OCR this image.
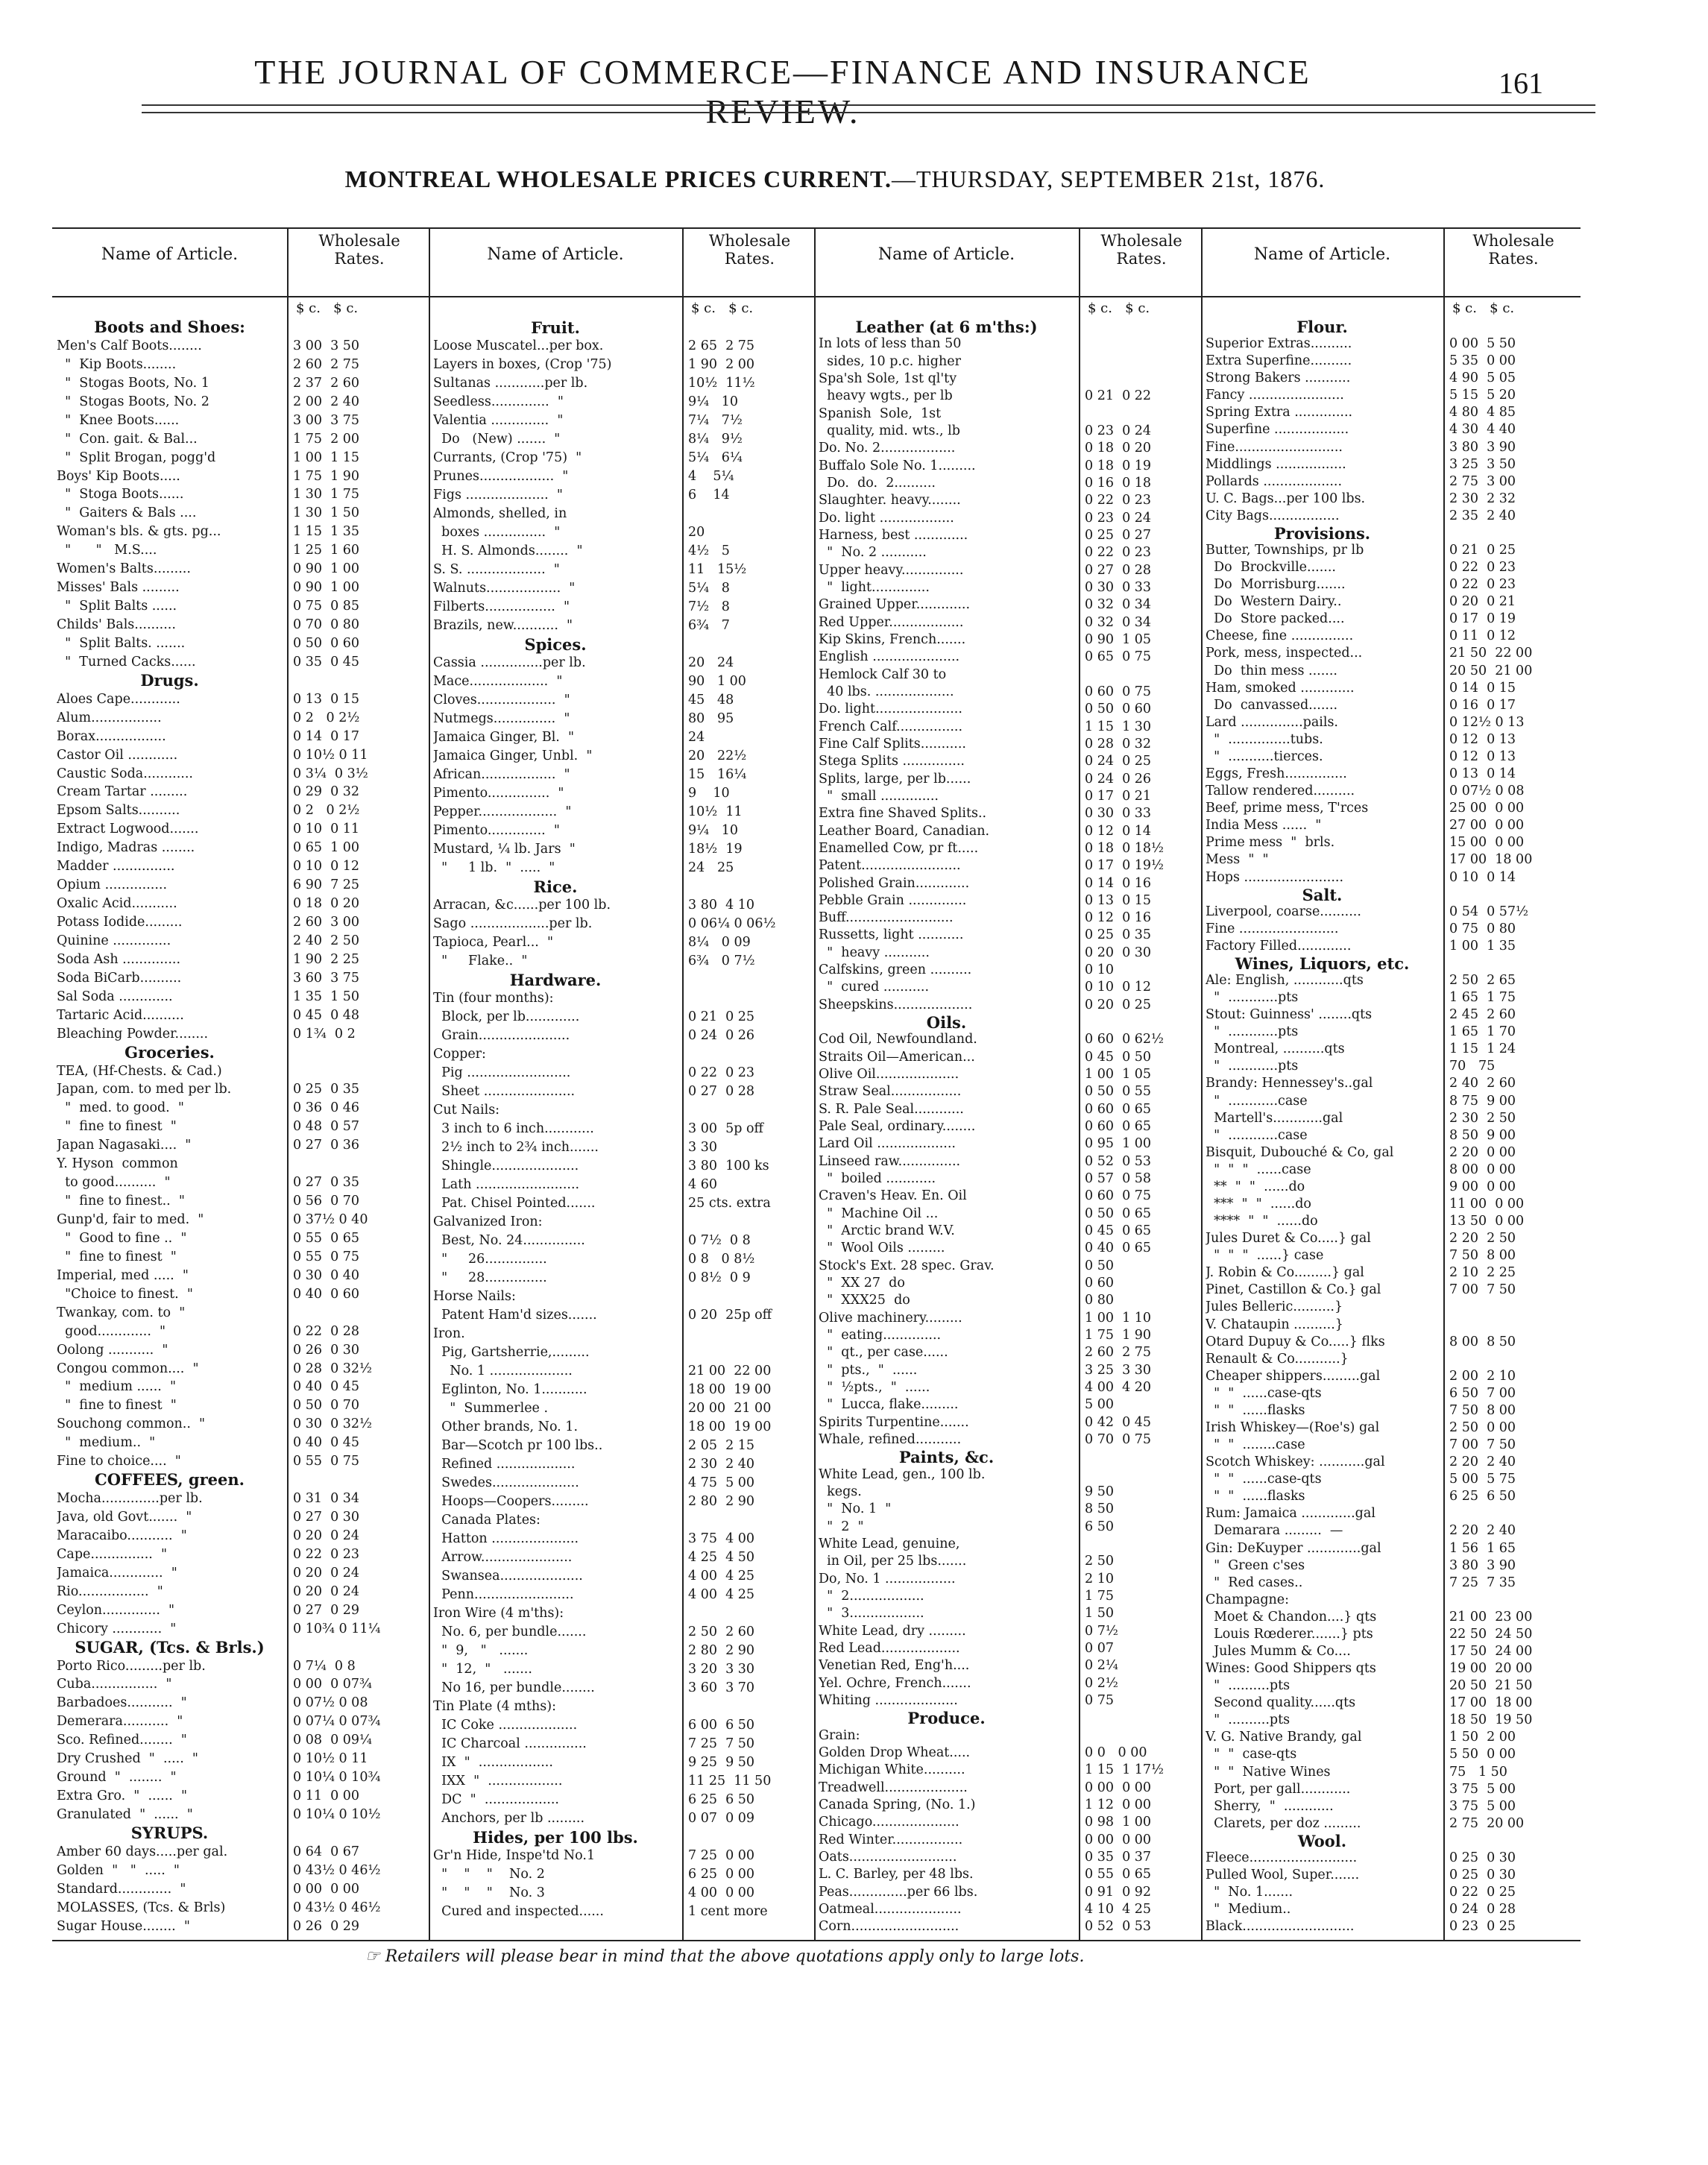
THE JOURNAL OF COMMERCE—FINANCE AND INSURANCE REVIEW.
161
MONTREAL WHOLESALE PRICES CURRENT.—THURSDAY, SEPTEMBER 21st, 1876.
Name of Article.
Wholesale Rates.
$ c.   $ c.
Boots and Shoes:
Men's Calf Boots........	3 00  3 50
"  Kip Boots........	2 60  2 75
"  Stogas Boots, No. 1	2 37  2 60
"  Stogas Boots, No. 2	2 00  2 40
"  Knee Boots......	3 00  3 75
"  Con. gait. & Bal...	1 75  2 00
"  Split Brogan, pogg'd	1 00  1 15
Boys' Kip Boots.....	1 75  1 90
"  Stoga Boots......	1 30  1 75
"  Gaiters & Bals ....	1 30  1 50
Woman's bls. & gts. pg...	1 15  1 35
"      "   M.S....	1 25  1 60
Women's Balts.........	0 90  1 00
Misses' Bals .........	0 90  1 00
"  Split Balts ......	0 75  0 85
Childs' Bals..........	0 70  0 80
"  Split Balts. .......	0 50  0 60
"  Turned Cacks......	0 35  0 45
Drugs.
Aloes Cape............	0 13  0 15
Alum.................	0 2   0 2½
Borax.................	0 14  0 17
Castor Oil ............	0 10½ 0 11
Caustic Soda............	0 3¼  0 3½
Cream Tartar .........	0 29  0 32
Epsom Salts..........	0 2   0 2½
Extract Logwood.......	0 10  0 11
Indigo, Madras ........	0 65  1 00
Madder ...............	0 10  0 12
Opium ...............	6 90  7 25
Oxalic Acid...........	0 18  0 20
Potass Iodide.........	2 60  3 00
Quinine ..............	2 40  2 50
Soda Ash ..............	1 90  2 25
Soda BiCarb..........	3 60  3 75
Sal Soda .............	1 35  1 50
Tartaric Acid..........	0 45  0 48
Bleaching Powder........	0 1¾  0 2
Groceries.
TEA, (Hf-Chests. & Cad.)
Japan, com. to med per lb.	0 25  0 35
"  med. to good.  "	0 36  0 46
"  fine to finest  "	0 48  0 57
Japan Nagasaki....  "	0 27  0 36
Y. Hyson  common
to good..........  "	0 27  0 35
"  fine to finest..  "	0 56  0 70
Gunp'd, fair to med.  "	0 37½ 0 40
"  Good to fine ..  "	0 55  0 65
"  fine to finest  "	0 55  0 75
Imperial, med .....  "	0 30  0 40
"Choice to finest.  "	0 40  0 60
Twankay, com. to  "
good.............  "	0 22  0 28
Oolong ...........  "	0 26  0 30
Congou common....  "	0 28  0 32½
"  medium ......  "	0 40  0 45
"  fine to finest  "	0 50  0 70
Souchong common..  "	0 30  0 32½
"  medium..  "	0 40  0 45
Fine to choice....  "	0 55  0 75
COFFEES, green.
Mocha..............per lb.	0 31  0 34
Java, old Govt.......  "	0 27  0 30
Maracaibo...........  "	0 20  0 24
Cape...............  "	0 22  0 23
Jamaica.............  "	0 20  0 24
Rio.................  "	0 20  0 24
Ceylon..............  "	0 27  0 29
Chicory ............  "	0 10¾ 0 11¼
SUGAR, (Tcs. & Brls.)
Porto Rico.........per lb.	0 7¼  0 8
Cuba................  "	0 00  0 07¾
Barbadoes...........  "	0 07½ 0 08
Demerara...........  "	0 07¼ 0 07¾
Sco. Refined........  "	0 08  0 09¼
Dry Crushed  "  .....  "	0 10½ 0 11
Ground  "  ........  "	0 10¼ 0 10¾
Extra Gro.  "  ......  "	0 11  0 00
Granulated  "  ......  "	0 10¼ 0 10½
SYRUPS.
Amber 60 days.....per gal.	0 64  0 67
Golden  "   "  .....  "	0 43½ 0 46½
Standard.............  "	0 00  0 00
MOLASSES, (Tcs. & Brls)	0 43½ 0 46½
Sugar House........  "	0 26  0 29
Name of Article.
Wholesale Rates.
$ c.   $ c.
Fruit.
Loose Muscatel...per box.	2 65  2 75
Layers in boxes, (Crop '75)	1 90  2 00
Sultanas ............per lb.	10½  11½
Seedless..............  "	9¼   10
Valentia ..............  "	7¼   7½
Do   (New) .......  "	8¼   9½
Currants, (Crop '75)  "	5¼   6¼
Prunes..................  "	4    5¼
Figs ....................  "	6    14
Almonds, shelled, in
boxes ...............  "	20
H. S. Almonds........  "	4½   5
S. S. ...................  "	11   15½
Walnuts..................  "	5¼   8
Filberts.................  "	7½   8
Brazils, new...........  "	6¾   7
Spices.
Cassia ...............per lb.	20   24
Mace...................  "	90   1 00
Cloves...................  "	45   48
Nutmegs...............  "	80   95
Jamaica Ginger, Bl.  "	24
Jamaica Ginger, Unbl.  "	20   22½
African..................  "	15   16¼
Pimento...............  "	9    10
Pepper...................  "	10½  11
Pimento..............  "	9¼   10
Mustard, ¼ lb. Jars  "	18½  19
"     1 lb.  "  .....  "	24   25
Rice.
Arracan, &c......per 100 lb.	3 80  4 10
Sago ...................per lb.	0 06¼ 0 06½
Tapioca, Pearl...  "	8¼   0 09
"     Flake..  "	6¾   0 7½
Hardware.
Tin (four months):
Block, per lb.............	0 21  0 25
Grain......................	0 24  0 26
Copper:
Pig .........................	0 22  0 23
Sheet ......................	0 27  0 28
Cut Nails:
3 inch to 6 inch............	3 00  5p off
2½ inch to 2¾ inch.......	3 30
Shingle.....................	3 80  100 ks
Lath .........................	4 60
Pat. Chisel Pointed.......	25 cts. extra
Galvanized Iron:
Best, No. 24...............	0 7½  0 8
"     26...............	0 8   0 8½
"     28...............	0 8½  0 9
Horse Nails:
Patent Ham'd sizes.......	0 20  25p off
Iron.
Pig, Gartsherrie,.........
No. 1 ....................	21 00  22 00
Eglinton, No. 1...........	18 00  19 00
"  Summerlee .	20 00  21 00
Other brands, No. 1.	18 00  19 00
Bar—Scotch pr 100 lbs..	2 05  2 15
Refined ...................	2 30  2 40
Swedes.....................	4 75  5 00
Hoops—Coopers.........	2 80  2 90
Canada Plates:
Hatton .....................	3 75  4 00
Arrow......................	4 25  4 50
Swansea....................	4 00  4 25
Penn........................	4 00  4 25
Iron Wire (4 m'ths):
No. 6, per bundle.......	2 50  2 60
"  9,   "   .......	2 80  2 90
"  12,  "   .......	3 20  3 30
No 16, per bundle........	3 60  3 70
Tin Plate (4 mths):
IC Coke ...................	6 00  6 50
IC Charcoal ...............	7 25  7 50
IX  "  ..................	9 25  9 50
IXX  "  ..................	11 25  11 50
DC  "  ..................	6 25  6 50
Anchors, per lb .........	0 07  0 09
Hides, per 100 lbs.
Gr'n Hide, Inspe'td No.1	7 25  0 00
"    "    "    No. 2	6 25  0 00
"    "    "    No. 3	4 00  0 00
Cured and inspected......	1 cent more
Name of Article.
Wholesale Rates.
$ c.   $ c.
Leather (at 6 m'ths:)
In lots of less than 50
sides, 10 p.c. higher
Spa'sh Sole, 1st ql'ty
heavy wgts., per lb	0 21  0 22
Spanish  Sole,  1st
quality, mid. wts., lb	0 23  0 24
Do. No. 2..................	0 18  0 20
Buffalo Sole No. 1.........	0 18  0 19
Do.  do.  2..........	0 16  0 18
Slaughter. heavy........	0 22  0 23
Do. light ..................	0 23  0 24
Harness, best .............	0 25  0 27
"  No. 2 ...........	0 22  0 23
Upper heavy...............	0 27  0 28
"  light..............	0 30  0 33
Grained Upper.............	0 32  0 34
Red Upper..................	0 32  0 34
Kip Skins, French.......	0 90  1 05
English .....................	0 65  0 75
Hemlock Calf 30 to
40 lbs. ...................	0 60  0 75
Do. light.....................	0 50  0 60
French Calf................	1 15  1 30
Fine Calf Splits...........	0 28  0 32
Stega Splits ...............	0 24  0 25
Splits, large, per lb......	0 24  0 26
"  small ..............	0 17  0 21
Extra fine Shaved Splits..	0 30  0 33
Leather Board, Canadian.	0 12  0 14
Enamelled Cow, pr ft.....	0 18  0 18½
Patent........................	0 17  0 19½
Polished Grain.............	0 14  0 16
Pebble Grain ..............	0 13  0 15
Buff..........................	0 12  0 16
Russetts, light ...........	0 25  0 35
"  heavy ...........	0 20  0 30
Calfskins, green ..........	0 10
"  cured ...........	0 10  0 12
Sheepskins...................	0 20  0 25
Oils.
Cod Oil, Newfoundland.	0 60  0 62½
Straits Oil—American...	0 45  0 50
Olive Oil....................	1 00  1 05
Straw Seal.................	0 50  0 55
S. R. Pale Seal............	0 60  0 65
Pale Seal, ordinary........	0 60  0 65
Lard Oil ...................	0 95  1 00
Linseed raw...............	0 52  0 53
"  boiled ............	0 57  0 58
Craven's Heav. En. Oil	0 60  0 75
"  Machine Oil ...	0 50  0 65
"  Arctic brand W.V.	0 45  0 65
"  Wool Oils .........	0 40  0 65
Stock's Ext. 28 spec. Grav.	0 50
"  XX 27  do	0 60
"  XXX25  do	0 80
Olive machinery.........	1 00  1 10
"  eating..............	1 75  1 90
"  qt., per case......	2 60  2 75
"  pts.,  "  ......	3 25  3 30
"  ½pts.,  "  ......	4 00  4 20
"  Lucca, flake.........	5 00
Spirits Turpentine.......	0 42  0 45
Whale, refined...........	0 70  0 75
Paints, &c.
White Lead, gen., 100 lb.
kegs.	9 50
"  No. 1  "	8 50
"  2  "	6 50
White Lead, genuine,
in Oil, per 25 lbs.......	2 50
Do, No. 1 .................	2 10
"  2..................	1 75
"  3..................	1 50
White Lead, dry .........	0 7½
Red Lead...................	0 07
Venetian Red, Eng'h....	0 2¼
Yel. Ochre, French.......	0 2½
Whiting ....................	0 75
Produce.
Grain:
Golden Drop Wheat.....	0 0   0 00
Michigan White..........	1 15  1 17½
Treadwell....................	0 00  0 00
Canada Spring, (No. 1.)	1 12  0 00
Chicago.....................	0 98  1 00
Red Winter.................	0 00  0 00
Oats..........................	0 35  0 37
L. C. Barley, per 48 lbs.	0 55  0 65
Peas..............per 66 lbs.	0 91  0 92
Oatmeal.....................	4 10  4 25
Corn..........................	0 52  0 53
Name of Article.
Wholesale Rates.
$ c.   $ c.
Flour.
Superior Extras..........	0 00  5 50
Extra Superfine..........	5 35  0 00
Strong Bakers ...........	4 90  5 05
Fancy .......................	5 15  5 20
Spring Extra ..............	4 80  4 85
Superfine ..................	4 30  4 40
Fine..........................	3 80  3 90
Middlings .................	3 25  3 50
Pollards ...................	2 75  3 00
U. C. Bags...per 100 lbs.	2 30  2 32
City Bags.................	2 35  2 40
Provisions.
Butter, Townships, pr lb	0 21  0 25
Do  Brockville.......	0 22  0 23
Do  Morrisburg.......	0 22  0 23
Do  Western Dairy..	0 20  0 21
Do  Store packed....	0 17  0 19
Cheese, fine ...............	0 11  0 12
Pork, mess, inspected...	21 50  22 00
Do  thin mess .......	20 50  21 00
Ham, smoked .............	0 14  0 15
Do  canvassed.......	0 16  0 17
Lard ...............pails.	0 12½ 0 13
"  ...............tubs.	0 12  0 13
"  ...........tierces.	0 12  0 13
Eggs, Fresh...............	0 13  0 14
Tallow rendered..........	0 07½ 0 08
Beef, prime mess, T'rces	25 00  0 00
India Mess ......  "	27 00  0 00
Prime mess  "  brls.	15 00  0 00
Mess  "  "	17 00  18 00
Hops ........................	0 10  0 14
Salt.
Liverpool, coarse..........	0 54  0 57½
Fine ........................	0 75  0 80
Factory Filled.............	1 00  1 35
Wines, Liquors, etc.
Ale: English, ............qts	2 50  2 65
"  ............pts	1 65  1 75
Stout: Guinness' ........qts	2 45  2 60
"  ............pts	1 65  1 70
Montreal, ..........qts	1 15  1 24
"  ............pts	70   75
Brandy: Hennessey's..gal	2 40  2 60
"  ............case	8 75  9 00
Martell's............gal	2 30  2 50
"  ............case	8 50  9 00
Bisquit, Dubouché & Co, gal	2 20  0 00
"  "  "  ......case	8 00  0 00
**  "  "  ......do	9 00  0 00
***  "  "  ......do	11 00  0 00
****  "  "  ......do	13 50  0 00
Jules Duret & Co.....} gal	2 20  2 50
"  "  "  ......} case	7 50  8 00
J. Robin & Co.........} gal	2 10  2 25
Pinet, Castillon & Co.} gal	7 00  7 50
Jules Belleric..........}
V. Chataupin ..........}
Otard Dupuy & Co.....} flks	8 00  8 50
Renault & Co...........}
Cheaper shippers.........gal	2 00  2 10
"  "  ......case-qts	6 50  7 00
"  "  ......flasks	7 50  8 00
Irish Whiskey—(Roe's) gal	2 50  0 00
"  "  ........case	7 00  7 50
Scotch Whiskey: ...........gal	2 20  2 40
"  "  ......case-qts	5 00  5 75
"  "  ......flasks	6 25  6 50
Rum: Jamaica .............gal
Demarara .........  —	2 20  2 40
Gin: DeKuyper .............gal	1 56  1 65
"  Green c'ses	3 80  3 90
"  Red cases..	7 25  7 35
Champagne:
Moet & Chandon....} qts	21 00  23 00
Louis Rœderer.......} pts	22 50  24 50
Jules Mumm & Co....	17 50  24 00
Wines: Good Shippers qts	19 00  20 00
"  ..........pts	20 50  21 50
Second quality......qts	17 00  18 00
"  ..........pts	18 50  19 50
V. G. Native Brandy, gal	1 50  2 00
"  "  case-qts	5 50  0 00
"  "  Native Wines	75   1 50
Port, per gall............	3 75  5 00
Sherry,  "  ............	3 75  5 00
Clarets, per doz .........	2 75  20 00
Wool.
Fleece..........................	0 25  0 30
Pulled Wool, Super.......	0 25  0 30
"  No. 1.......	0 22  0 25
"  Medium..	0 24  0 28
Black...........................	0 23  0 25
☞ Retailers will please bear in mind that the above quotations apply only to large lots.
